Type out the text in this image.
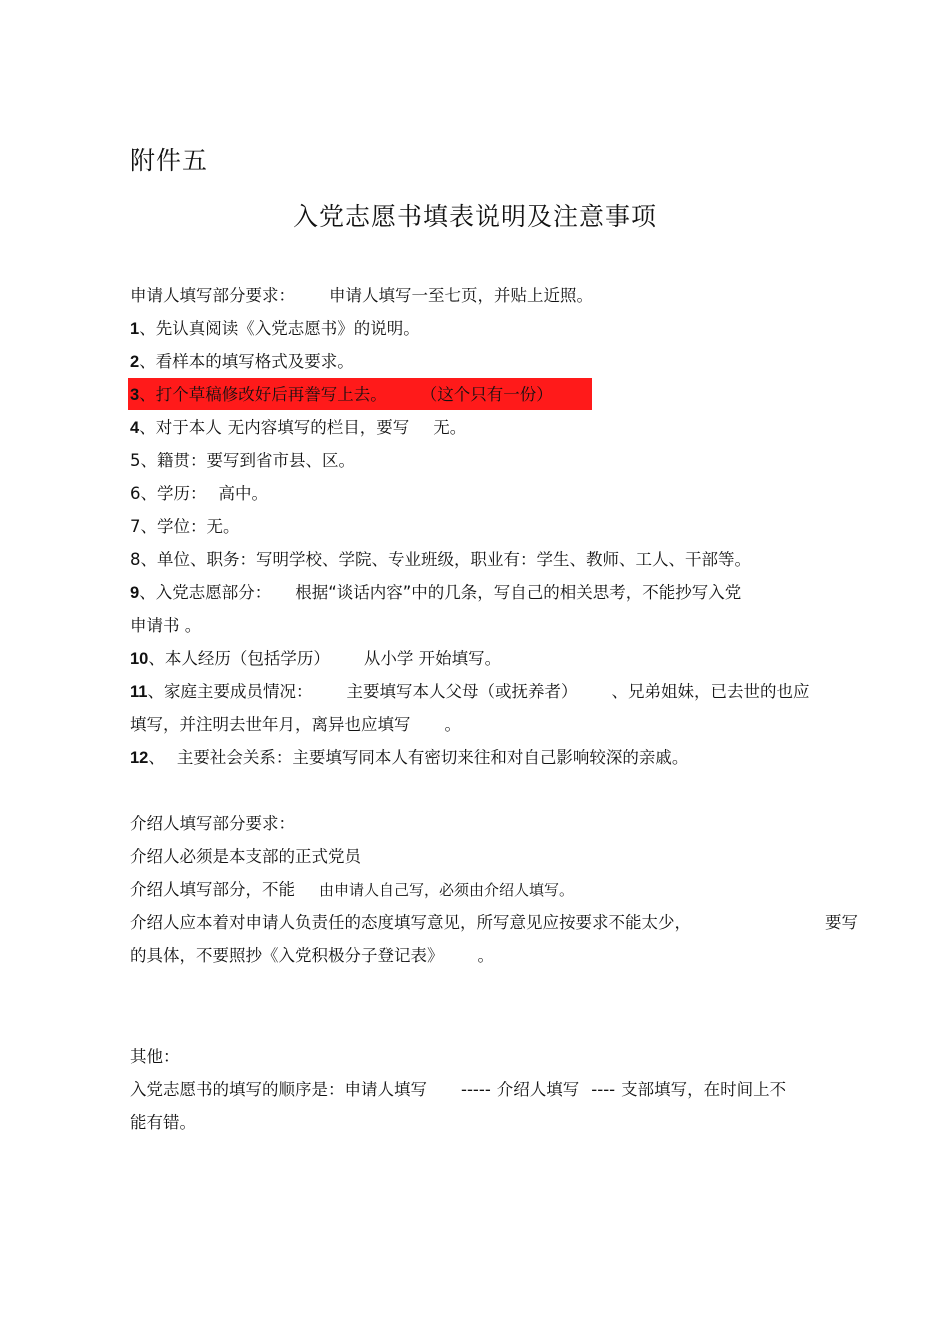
附件五
入党志愿书填表说明及注意事项
申请人填写部分要求： 申请人填写一至七页，并贴上近照。
1、先认真阅读《入党志愿书》的说明。
2、看样本的填写格式及要求。
3、打个草稿修改好后再誊写上去。 （这个只有一份）
4、对于本人 无内容填写的栏目，要写 无。
5、籍贯：要写到省市县、区。
6、学历： 高中。
7、学位：无。
8、单位、职务：写明学校、学院、专业班级，职业有：学生、教师、工人、干部等。
9、入党志愿部分： 根据“谈话内容”中的几条，写自己的相关思考，不能抄写入党
申请书 。
10、本人经历（包括学历） 从小学 开始填写。
11、家庭主要成员情况： 主要填写本人父母（或抚养者） 、兄弟姐妹，已去世的也应
填写，并注明去世年月，离异也应填写 。
12、 主要社会关系：主要填写同本人有密切来往和对自己影响较深的亲戚。
介绍人填写部分要求：
介绍人必须是本支部的正式党员
介绍人填写部分，不能 由申请人自己写，必须由介绍人填写。
介绍人应本着对申请人负责任的态度填写意见，所写意见应按要求不能太少，	要写
的具体，不要照抄《入党积极分子登记表》 。
其他：
入党志愿书的填写的顺序是：申请人填写 ----- 介绍人填写 ---- 支部填写，在时间上不
能有错。
